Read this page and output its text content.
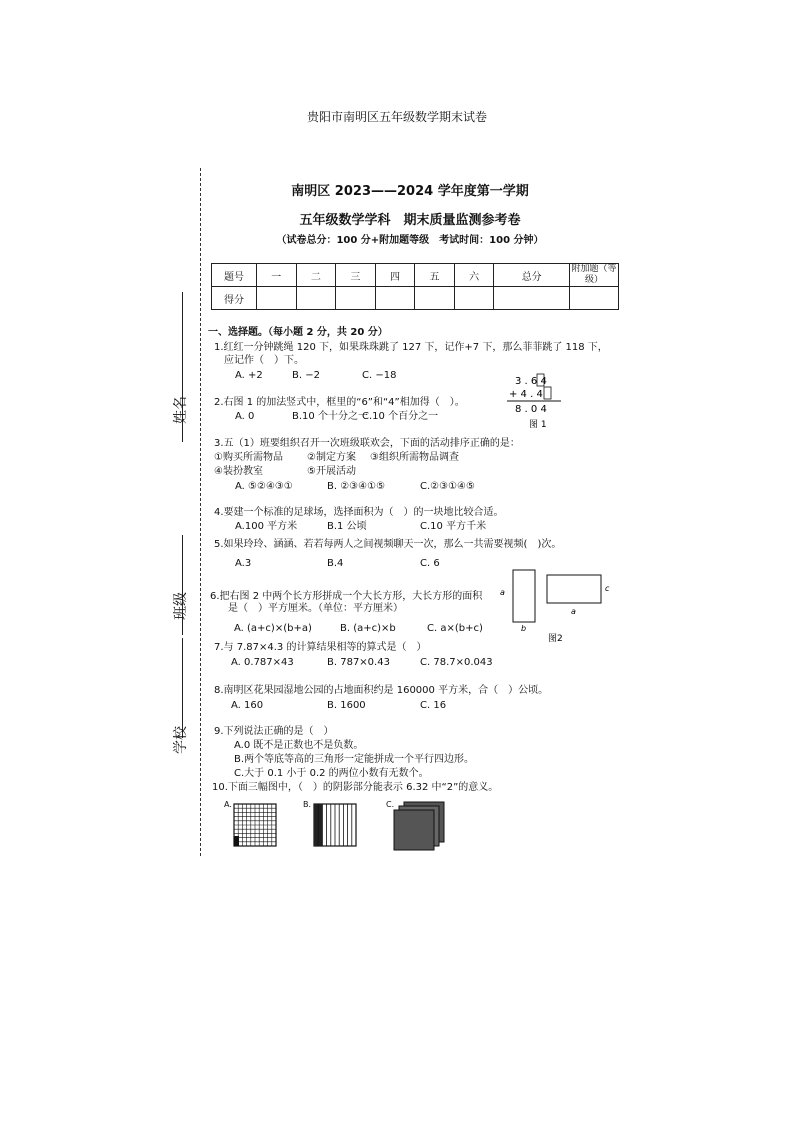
贵阳市南明区五年级数学期末试卷
南明区 2023——2024 学年度第一学期
五年级数学学科　期末质量监测参考卷
（试卷总分：100 分+附加题等级　考试时间：100 分钟）
姓名
班级
学校
题号	一	二	三	四	五	六	总分	附加题（等级）
得分								
一、选择题。（每小题 2 分，共 20 分）
1.红红一分钟跳绳 120 下，如果珠珠跳了 127 下，记作+7 下，那么菲菲跳了 118 下，
应记作（　）下。
A. +2	B. −2	C. −18
3 . 6 4
+ 4 . 4
8 . 0 4
图 1
2.右图 1 的加法竖式中，框里的“6”和“4”相加得（　）。
A. 0	B.10 个十分之一
C.10 个百分之一
3.五（1）班要组织召开一次班级联欢会，下面的活动排序正确的是：
①购买所需物品 ②制定方案 ③组织所需物品调查
④装扮教室	⑤开展活动
A. ⑤②④③①	B. ②③④①⑤	C.②③①④⑤
4.要建一个标准的足球场，选择面积为（　）的一块地比较合适。
A.100 平方米	B.1 公顷	C.10 平方千米
5.如果玲玲、涵涵、若若每两人之间视频聊天一次，那么一共需要视频(　)次。
A.3	B.4	C. 6
6.把右图 2 中两个长方形拼成一个大长方形，大长方形的面积
是（　）平方厘米。（单位：平方厘米）
A. (a+c)×(b+a)	B. (a+c)×b	C. a×(b+c)
a
b
c
a
图2
7.与 7.87×4.3 的计算结果相等的算式是（　）
A. 0.787×43	B. 787×0.43	C. 78.7×0.043
8.南明区花果园湿地公园的占地面积约是 160000 平方米，合（　）公顷。
A. 160	B. 1600	C. 16
9.下列说法正确的是（　）
A.0 既不是正数也不是负数。
B.两个等底等高的三角形一定能拼成一个平行四边形。
C.大于 0.1 小于 0.2 的两位小数有无数个。
10.下面三幅图中，（　）的阴影部分能表示 6.32 中“2”的意义。
A.	B.	C.
